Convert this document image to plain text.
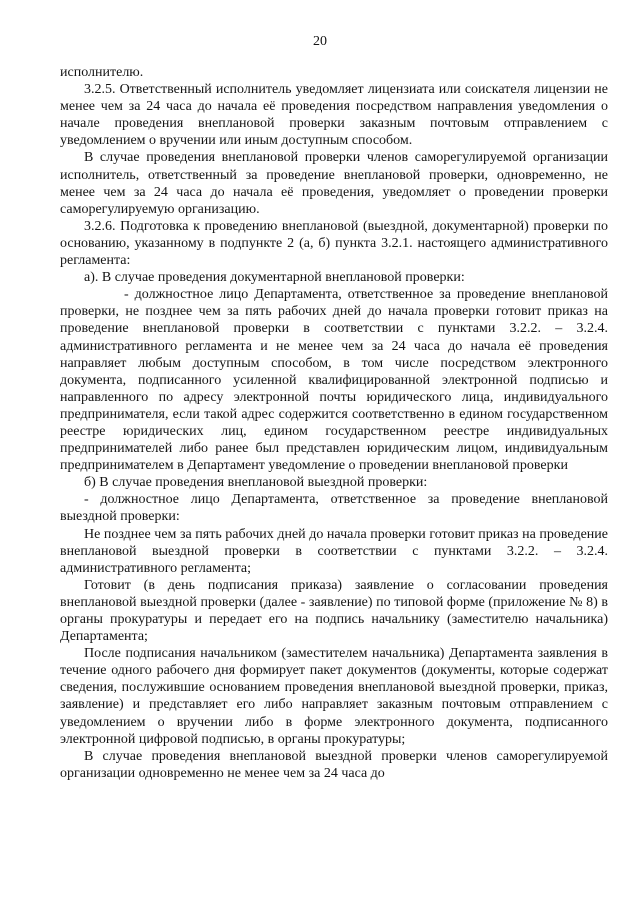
20

исполнителю.

3.2.5. Ответственный исполнитель уведомляет лицензиата или соискателя лицензии не менее чем за 24 часа до начала её проведения посредством направления уведомления о начале проведения внеплановой проверки заказным почтовым отправлением с уведомлением о вручении или иным доступным способом.

В случае проведения внеплановой проверки членов саморегулируемой организации исполнитель, ответственный за проведение внеплановой проверки, одновременно, не менее чем за 24 часа до начала её проведения, уведомляет о проведении проверки саморегулируемую организацию.

3.2.6. Подготовка к проведению внеплановой (выездной, документарной) проверки по основанию, указанному в подпункте 2 (а, б) пункта 3.2.1. настоящего административного регламента:

а). В случае проведения документарной внеплановой проверки:

- должностное лицо Департамента, ответственное за проведение внеплановой проверки, не позднее чем за пять рабочих дней до начала проверки готовит приказ на проведение внеплановой проверки в соответствии с пунктами 3.2.2. – 3.2.4. административного регламента и не менее чем за 24 часа до начала её проведения направляет любым доступным способом, в том числе посредством электронного документа, подписанного усиленной квалифицированной электронной подписью и направленного по адресу электронной почты юридического лица, индивидуального предпринимателя, если такой адрес содержится соответственно в едином государственном реестре юридических лиц, едином государственном реестре индивидуальных предпринимателей либо ранее был представлен юридическим лицом, индивидуальным предпринимателем в Департамент уведомление о проведении внеплановой проверки

б) В случае проведения внеплановой выездной проверки:

- должностное лицо Департамента, ответственное за проведение внеплановой выездной проверки:

Не позднее чем за пять рабочих дней до начала проверки готовит приказ на проведение внеплановой выездной проверки в соответствии с пунктами 3.2.2. – 3.2.4. административного регламента;

Готовит (в день подписания приказа) заявление о согласовании проведения внеплановой выездной проверки (далее - заявление) по типовой форме (приложение № 8) в органы прокуратуры и передает его на подпись начальнику (заместителю начальника) Департамента;

После подписания начальником (заместителем начальника) Департамента заявления в течение одного рабочего дня формирует пакет документов (документы, которые содержат сведения, послужившие основанием проведения внеплановой выездной проверки, приказ, заявление) и представляет его либо направляет заказным почтовым отправлением с уведомлением о вручении либо в форме электронного документа, подписанного электронной цифровой подписью, в органы прокуратуры;

В случае проведения внеплановой выездной проверки членов саморегулируемой организации одновременно не менее чем за 24 часа до
